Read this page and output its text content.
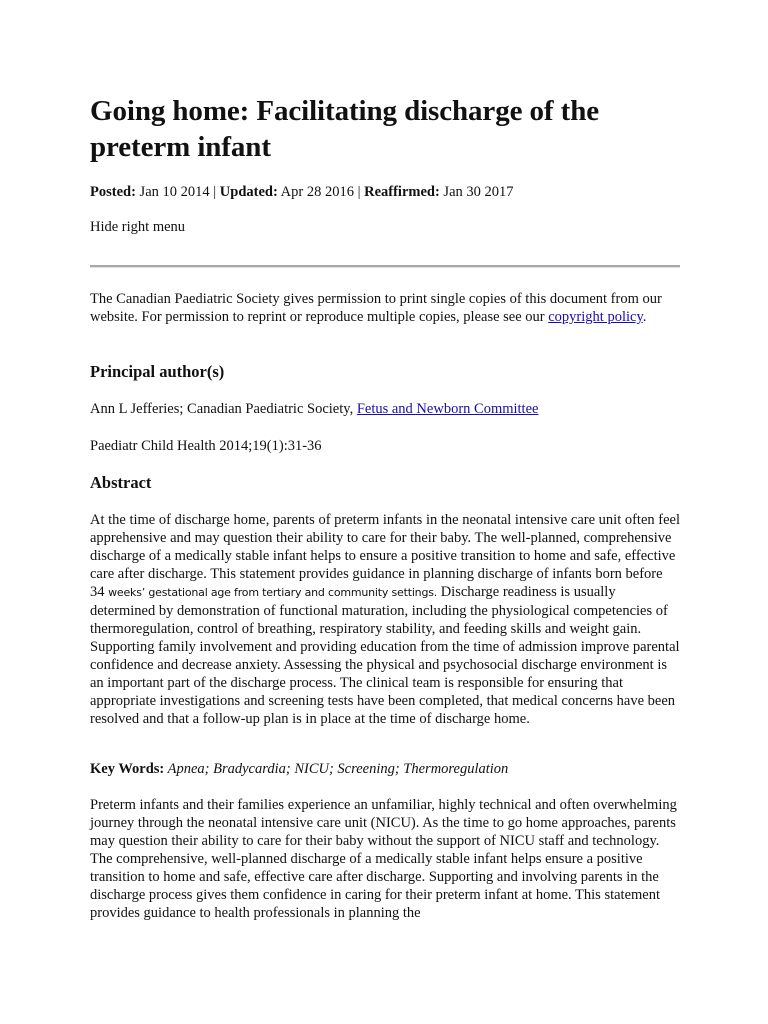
Going home: Facilitating discharge of the preterm infant
Posted: Jan 10 2014 | Updated: Apr 28 2016 | Reaffirmed: Jan 30 2017
Hide right menu

The Canadian Paediatric Society gives permission to print single copies of this document from our website. For permission to reprint or reproduce multiple copies, please see our copyright policy.

Principal author(s)

Ann L Jefferies; Canadian Paediatric Society, Fetus and Newborn Committee

Paediatr Child Health 2014;19(1):31-36

Abstract

At the time of discharge home, parents of preterm infants in the neonatal intensive care unit often feel apprehensive and may question their ability to care for their baby. The well-planned, comprehensive discharge of a medically stable infant helps to ensure a positive transition to home and safe, effective care after discharge. This statement provides guidance in planning discharge of infants born before 34 weeks’ gestational age from tertiary and community settings. Discharge readiness is usually determined by demonstration of functional maturation, including the physiological competencies of thermoregulation, control of breathing, respiratory stability, and feeding skills and weight gain. Supporting family involvement and providing education from the time of admission improve parental confidence and decrease anxiety. Assessing the physical and psychosocial discharge environment is an important part of the discharge process. The clinical team is responsible for ensuring that appropriate investigations and screening tests have been completed, that medical concerns have been resolved and that a follow-up plan is in place at the time of discharge home.

Key Words: Apnea; Bradycardia; NICU; Screening; Thermoregulation

Preterm infants and their families experience an unfamiliar, highly technical and often overwhelming journey through the neonatal intensive care unit (NICU). As the time to go home approaches, parents may question their ability to care for their baby without the support of NICU staff and technology. The comprehensive, well-planned discharge of a medically stable infant helps ensure a positive transition to home and safe, effective care after discharge. Supporting and involving parents in the discharge process gives them confidence in caring for their preterm infant at home. This statement provides guidance to health professionals in planning the
